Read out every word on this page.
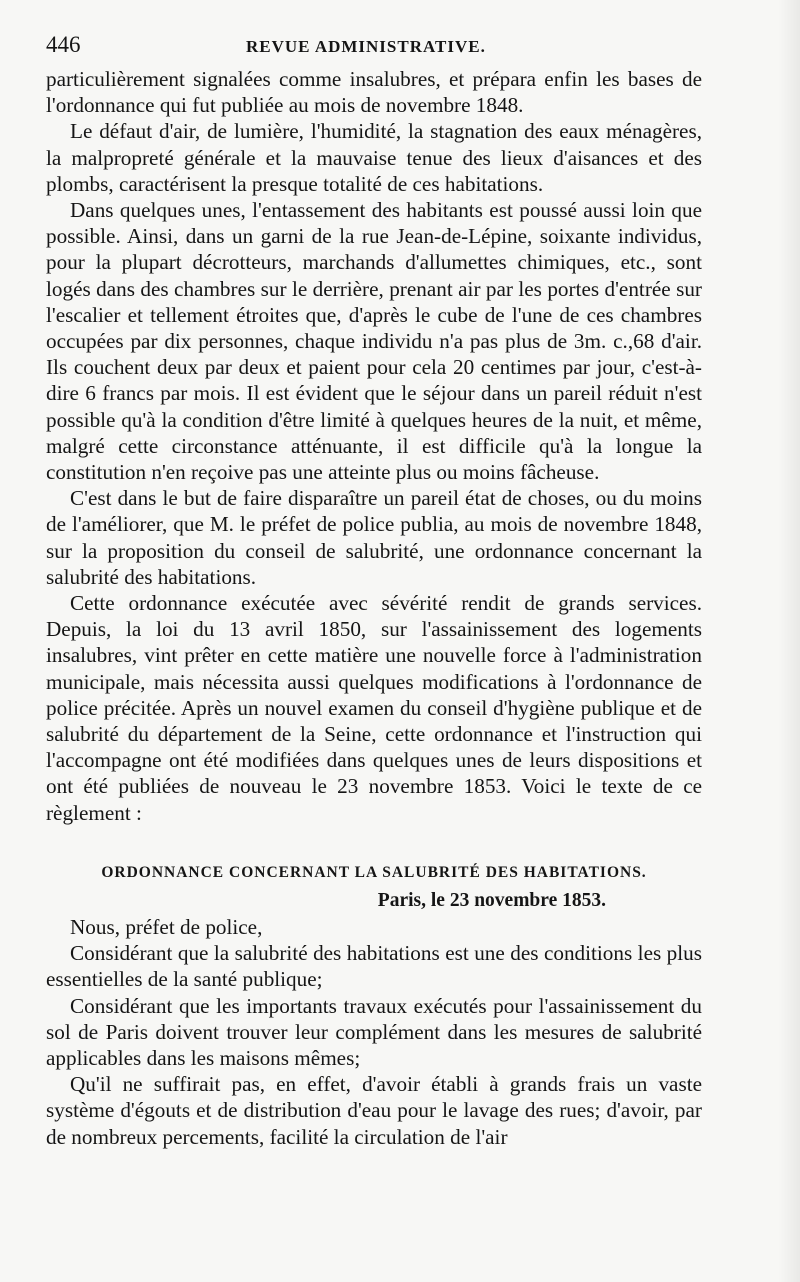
446	REVUE ADMINISTRATIVE.

particulièrement signalées comme insalubres, et prépara enfin les bases de l'ordonnance qui fut publiée au mois de novembre 1848.

Le défaut d'air, de lumière, l'humidité, la stagnation des eaux ménagères, la malpropreté générale et la mauvaise tenue des lieux d'aisances et des plombs, caractérisent la presque totalité de ces habitations.

Dans quelques unes, l'entassement des habitants est poussé aussi loin que possible. Ainsi, dans un garni de la rue Jean-de-Lépine, soixante individus, pour la plupart décrotteurs, marchands d'allumettes chimiques, etc., sont logés dans des chambres sur le derrière, prenant air par les portes d'entrée sur l'escalier et tellement étroites que, d'après le cube de l'une de ces chambres occupées par dix personnes, chaque individu n'a pas plus de 3m. c.,68 d'air. Ils couchent deux par deux et paient pour cela 20 centimes par jour, c'est-à-dire 6 francs par mois. Il est évident que le séjour dans un pareil réduit n'est possible qu'à la condition d'être limité à quelques heures de la nuit, et même, malgré cette circonstance atténuante, il est difficile qu'à la longue la constitution n'en reçoive pas une atteinte plus ou moins fâcheuse.

C'est dans le but de faire disparaître un pareil état de choses, ou du moins de l'améliorer, que M. le préfet de police publia, au mois de novembre 1848, sur la proposition du conseil de salubrité, une ordonnance concernant la salubrité des habitations.

Cette ordonnance exécutée avec sévérité rendit de grands services. Depuis, la loi du 13 avril 1850, sur l'assainissement des logements insalubres, vint prêter en cette matière une nouvelle force à l'administration municipale, mais nécessita aussi quelques modifications à l'ordonnance de police précitée. Après un nouvel examen du conseil d'hygiène publique et de salubrité du département de la Seine, cette ordonnance et l'instruction qui l'accompagne ont été modifiées dans quelques unes de leurs dispositions et ont été publiées de nouveau le 23 novembre 1853. Voici le texte de ce règlement :

ORDONNANCE CONCERNANT LA SALUBRITÉ DES HABITATIONS.
Paris, le 23 novembre 1853.

Nous, préfet de police,

Considérant que la salubrité des habitations est une des conditions les plus essentielles de la santé publique;

Considérant que les importants travaux exécutés pour l'assainissement du sol de Paris doivent trouver leur complément dans les mesures de salubrité applicables dans les maisons mêmes;

Qu'il ne suffirait pas, en effet, d'avoir établi à grands frais un vaste système d'égouts et de distribution d'eau pour le lavage des rues; d'avoir, par de nombreux percements, facilité la circulation de l'air
